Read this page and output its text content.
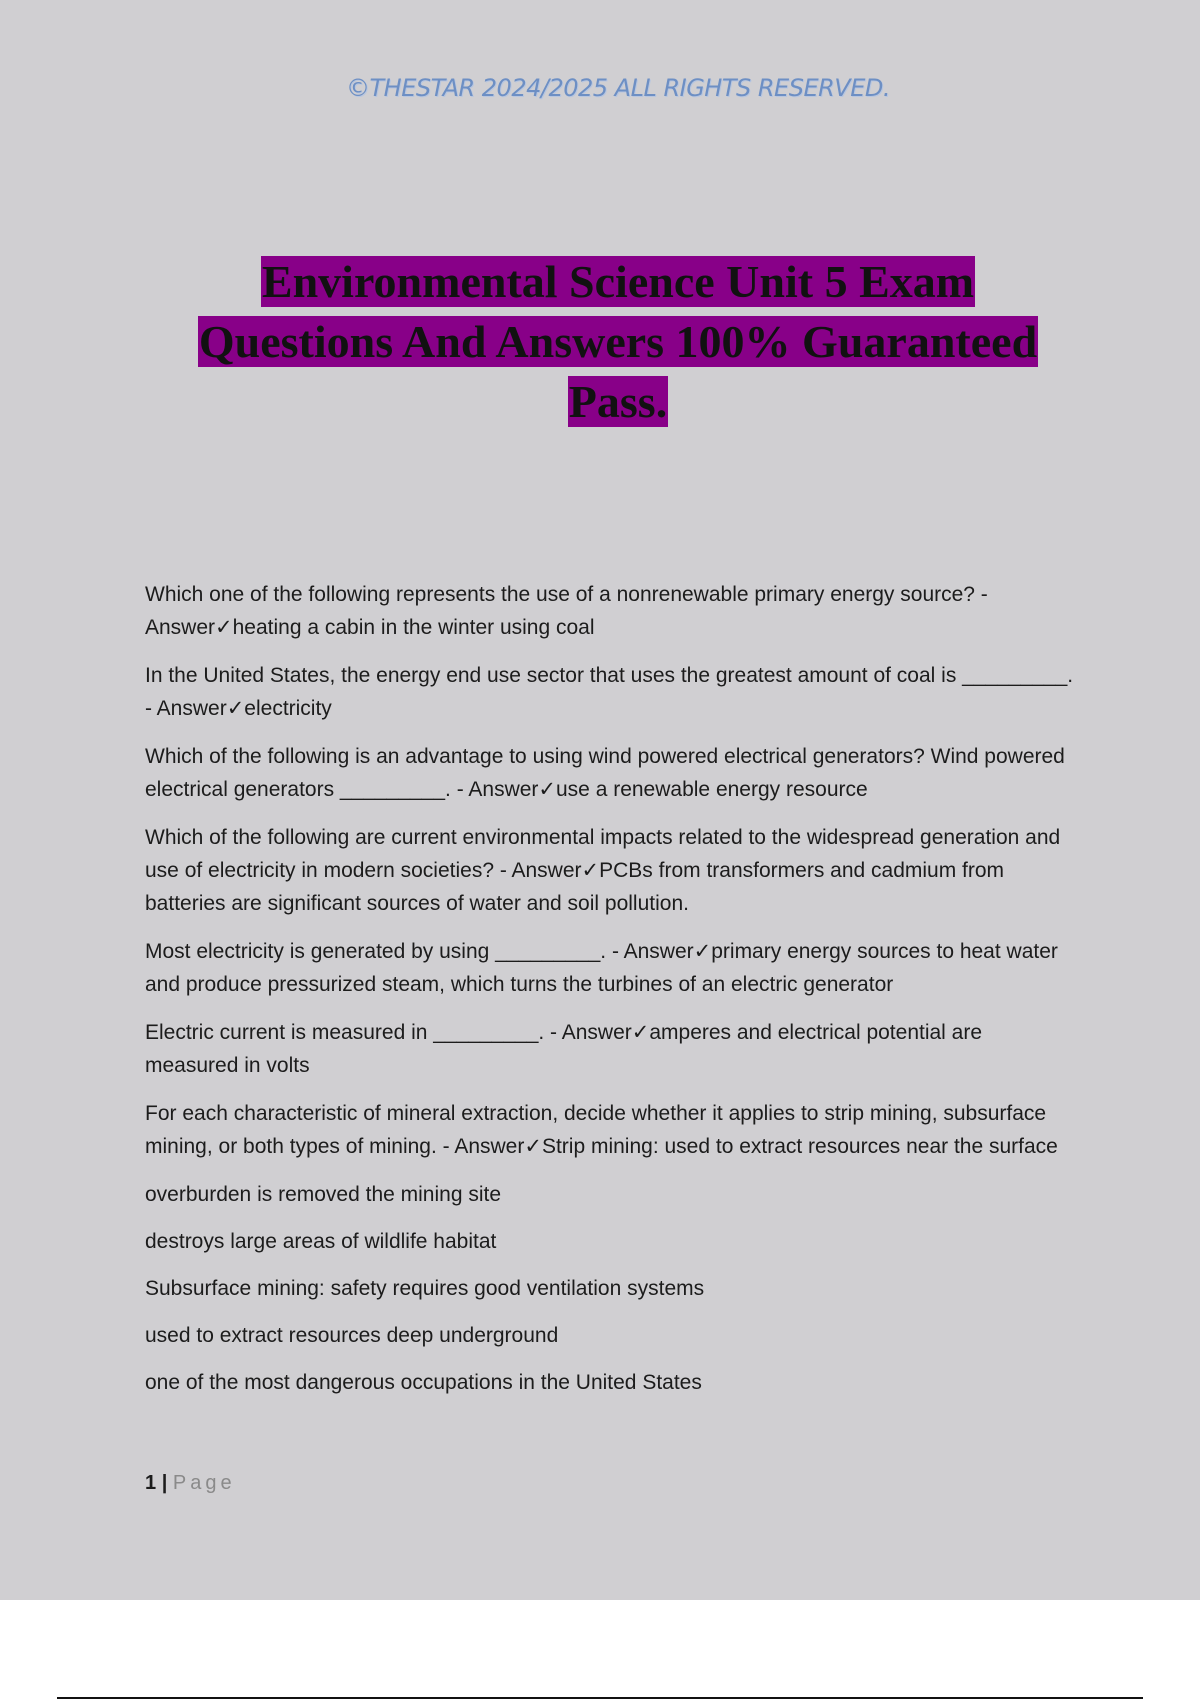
©THESTAR 2024/2025 ALL RIGHTS RESERVED.
Environmental Science Unit 5 Exam
Questions And Answers 100% Guaranteed
Pass.

Which one of the following represents the use of a nonrenewable primary energy source? - Answer✓heating a cabin in the winter using coal

In the United States, the energy end use sector that uses the greatest amount of coal is _________. - Answer✓electricity

Which of the following is an advantage to using wind powered electrical generators? Wind powered electrical generators _________. - Answer✓use a renewable energy resource

Which of the following are current environmental impacts related to the widespread generation and use of electricity in modern societies? - Answer✓PCBs from transformers and cadmium from batteries are significant sources of water and soil pollution.

Most electricity is generated by using _________. - Answer✓primary energy sources to heat water and produce pressurized steam, which turns the turbines of an electric generator

Electric current is measured in _________. - Answer✓amperes and electrical potential are measured in volts

For each characteristic of mineral extraction, decide whether it applies to strip mining, subsurface mining, or both types of mining. - Answer✓Strip mining: used to extract resources near the surface

overburden is removed the mining site

destroys large areas of wildlife habitat

Subsurface mining: safety requires good ventilation systems

used to extract resources deep underground

one of the most dangerous occupations in the United States

1 | Page
